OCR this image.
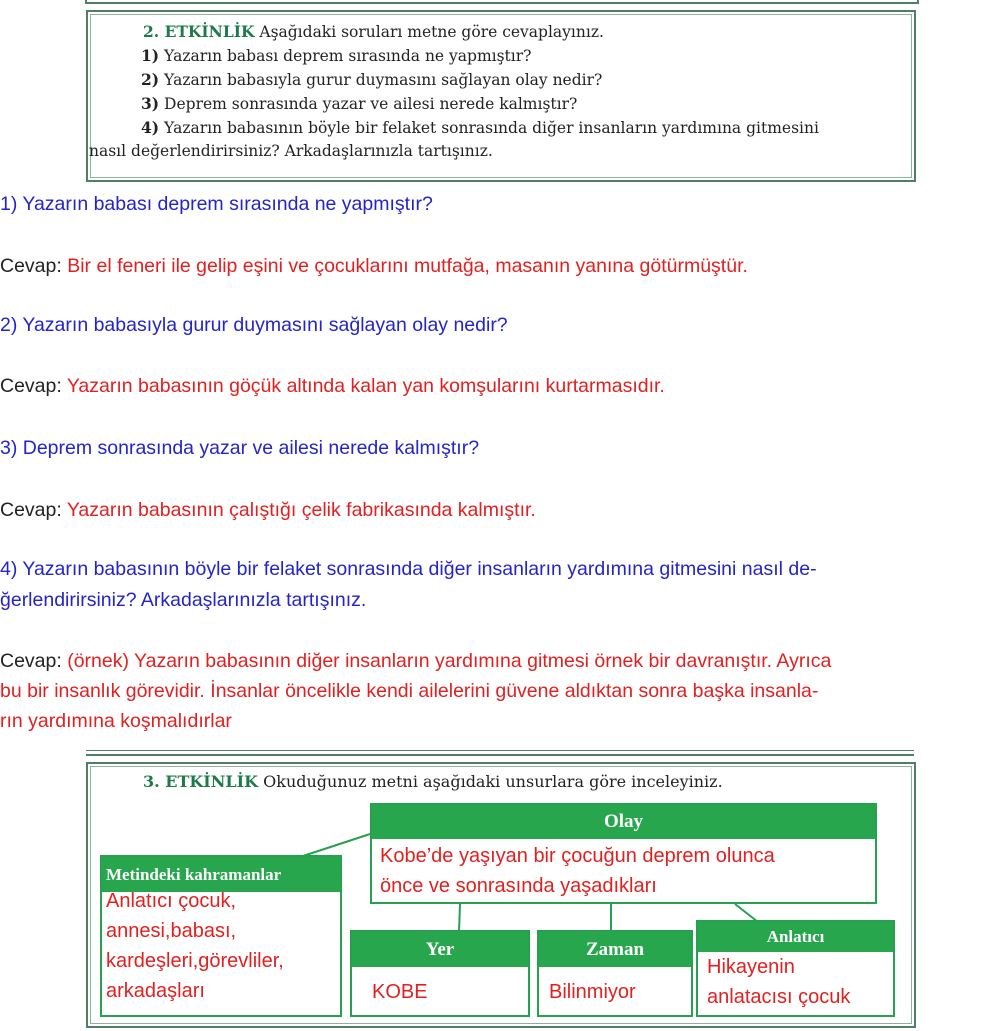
2. ETKİNLİK Aşağıdaki soruları metne göre cevaplayınız.
1) Yazarın babası deprem sırasında ne yapmıştır?
2) Yazarın babasıyla gurur duymasını sağlayan olay nedir?
3) Deprem sonrasında yazar ve ailesi nerede kalmıştır?
4) Yazarın babasının böyle bir felaket sonrasında diğer insanların yardımına gitmesini
nasıl değerlendirirsiniz? Arkadaşlarınızla tartışınız.
1) Yazarın babası deprem sırasında ne yapmıştır?
Cevap: Bir el feneri ile gelip eşini ve çocuklarını mutfağa, masanın yanına götürmüştür.
2) Yazarın babasıyla gurur duymasını sağlayan olay nedir?
Cevap: Yazarın babasının göçük altında kalan yan komşularını kurtarmasıdır.
3) Deprem sonrasında yazar ve ailesi nerede kalmıştır?
Cevap: Yazarın babasının çalıştığı çelik fabrikasında kalmıştır.
4) Yazarın babasının böyle bir felaket sonrasında diğer insanların yardımına gitmesini nasıl de-
ğerlendirirsiniz? Arkadaşlarınızla tartışınız.
Cevap: (örnek) Yazarın babasının diğer insanların yardımına gitmesi örnek bir davranıştır. Ayrıca
bu bir insanlık görevidir. İnsanlar öncelikle kendi ailelerini güvene aldıktan sonra başka insanla-
rın yardımına koşmalıdırlar
3. ETKİNLİK Okuduğunuz metni aşağıdaki unsurlara göre inceleyiniz.
Olay
Kobe’de yaşıyan bir çocuğun deprem olunca
önce ve sonrasında yaşadıkları
Metindeki kahramanlar
Anlatıcı çocuk,
annesi,babası,
kardeşleri,görevliler,
arkadaşları
Yer
KOBE
Zaman
Bilinmiyor
Anlatıcı
Hikayenin
anlatacısı çocuk
